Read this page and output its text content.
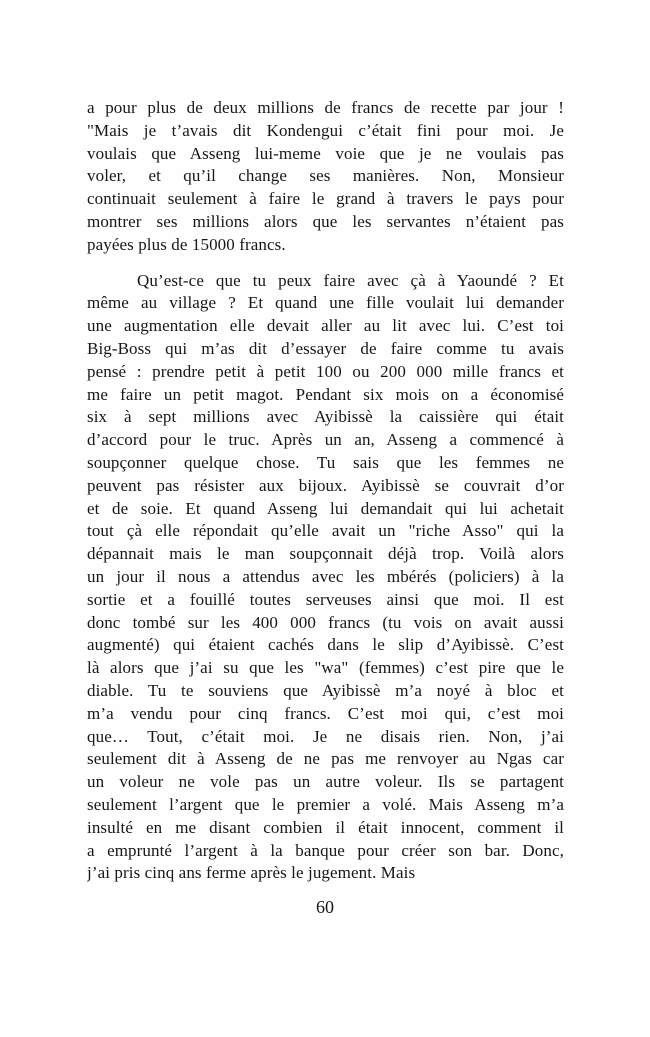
a pour plus de deux millions de francs de recette par jour !
"Mais je t’avais dit Kondengui c’était fini pour moi. Je
voulais que Asseng lui-meme voie que je ne voulais pas
voler, et qu’il change ses manières. Non, Monsieur
continuait seulement à faire le grand à travers le pays pour
montrer ses millions alors que les servantes n’étaient pas
payées plus de 15000 francs.
Qu’est-ce que tu peux faire avec çà à Yaoundé ? Et
même au village ? Et quand une fille voulait lui demander
une augmentation elle devait aller au lit avec lui. C’est toi
Big-Boss qui m’as dit d’essayer de faire comme tu avais
pensé : prendre petit à petit 100 ou 200 000 mille francs et
me faire un petit magot. Pendant six mois on a économisé
six à sept millions avec Ayibissè la caissière qui était
d’accord pour le truc. Après un an, Asseng a commencé à
soupçonner quelque chose. Tu sais que les femmes ne
peuvent pas résister aux bijoux. Ayibissè se couvrait d’or
et de soie. Et quand Asseng lui demandait qui lui achetait
tout çà elle répondait qu’elle avait un "riche Asso" qui la
dépannait mais le man soupçonnait déjà trop. Voilà alors
un jour il nous a attendus avec les mbérés (policiers) à la
sortie et a fouillé toutes serveuses ainsi que moi. Il est
donc tombé sur les 400 000 francs (tu vois on avait aussi
augmenté) qui étaient cachés dans le slip d’Ayibissè. C’est
là alors que j’ai su que les "wa" (femmes) c’est pire que le
diable. Tu te souviens que Ayibissè m’a noyé à bloc et
m’a vendu pour cinq francs. C’est moi qui, c’est moi
que… Tout, c’était moi. Je ne disais rien. Non, j’ai
seulement dit à Asseng de ne pas me renvoyer au Ngas car
un voleur ne vole pas un autre voleur. Ils se partagent
seulement l’argent que le premier a volé. Mais Asseng m’a
insulté en me disant combien il était innocent, comment il
a emprunté l’argent à la banque pour créer son bar. Donc,
j’ai pris cinq ans ferme après le jugement. Mais
60
